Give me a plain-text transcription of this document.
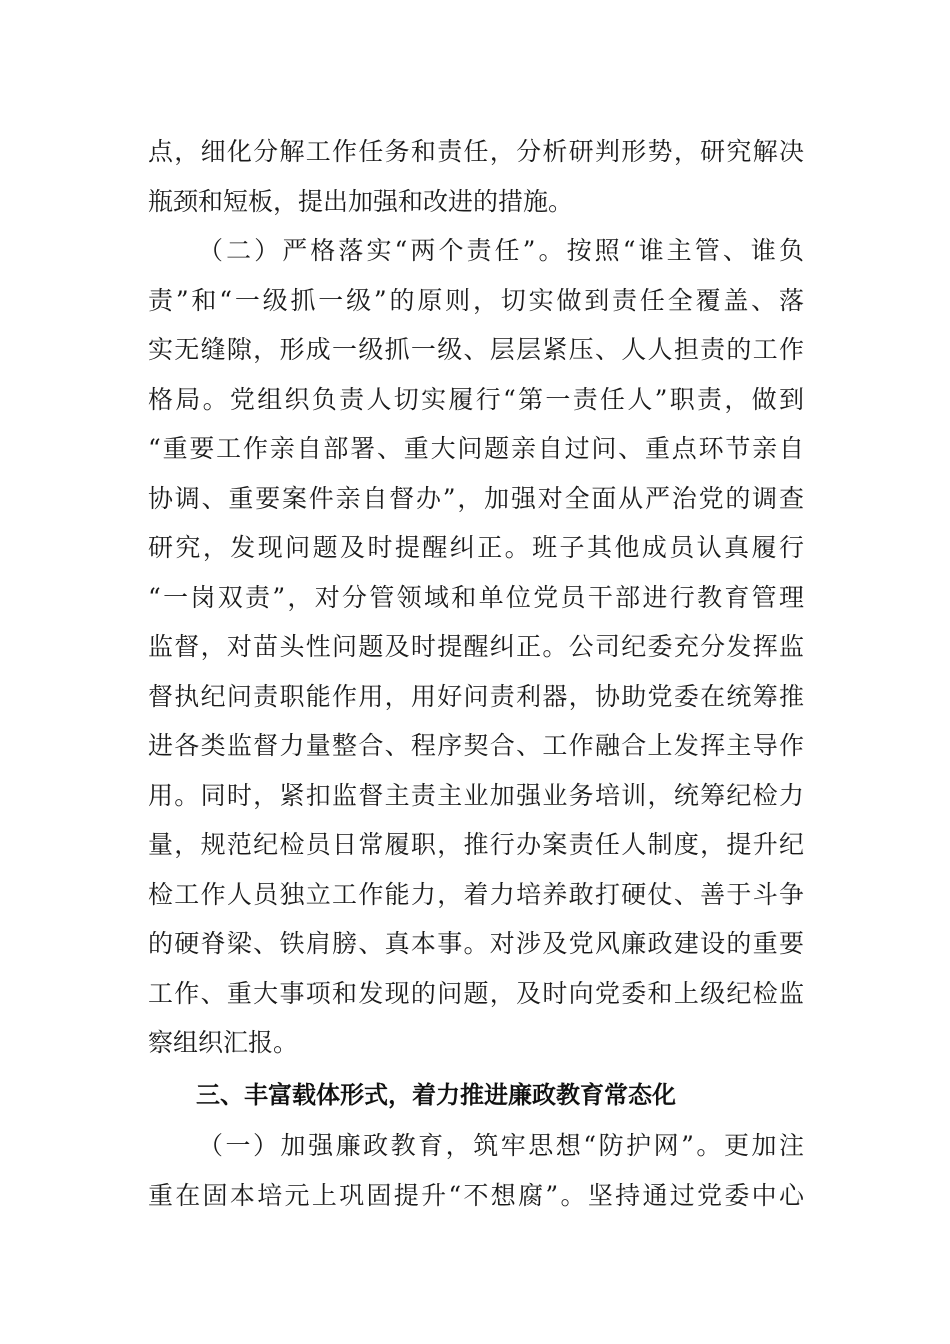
点，细化分解工作任务和责任，分析研判形势，研究解决
瓶颈和短板，提出加强和改进的措施。
（二）严格落实“两个责任”。按照“谁主管、谁负
责”和“一级抓一级”的原则，切实做到责任全覆盖、落
实无缝隙，形成一级抓一级、层层紧压、人人担责的工作
格局。党组织负责人切实履行“第一责任人”职责，做到
“重要工作亲自部署、重大问题亲自过问、重点环节亲自
协调、重要案件亲自督办”，加强对全面从严治党的调查
研究，发现问题及时提醒纠正。班子其他成员认真履行
“一岗双责”，对分管领域和单位党员干部进行教育管理
监督，对苗头性问题及时提醒纠正。公司纪委充分发挥监
督执纪问责职能作用，用好问责利器，协助党委在统筹推
进各类监督力量整合、程序契合、工作融合上发挥主导作
用。同时，紧扣监督主责主业加强业务培训，统筹纪检力
量，规范纪检员日常履职，推行办案责任人制度，提升纪
检工作人员独立工作能力，着力培养敢打硬仗、善于斗争
的硬脊梁、铁肩膀、真本事。对涉及党风廉政建设的重要
工作、重大事项和发现的问题，及时向党委和上级纪检监
察组织汇报。
三、丰富载体形式，着力推进廉政教育常态化
（一）加强廉政教育，筑牢思想“防护网”。更加注
重在固本培元上巩固提升“不想腐”。坚持通过党委中心
